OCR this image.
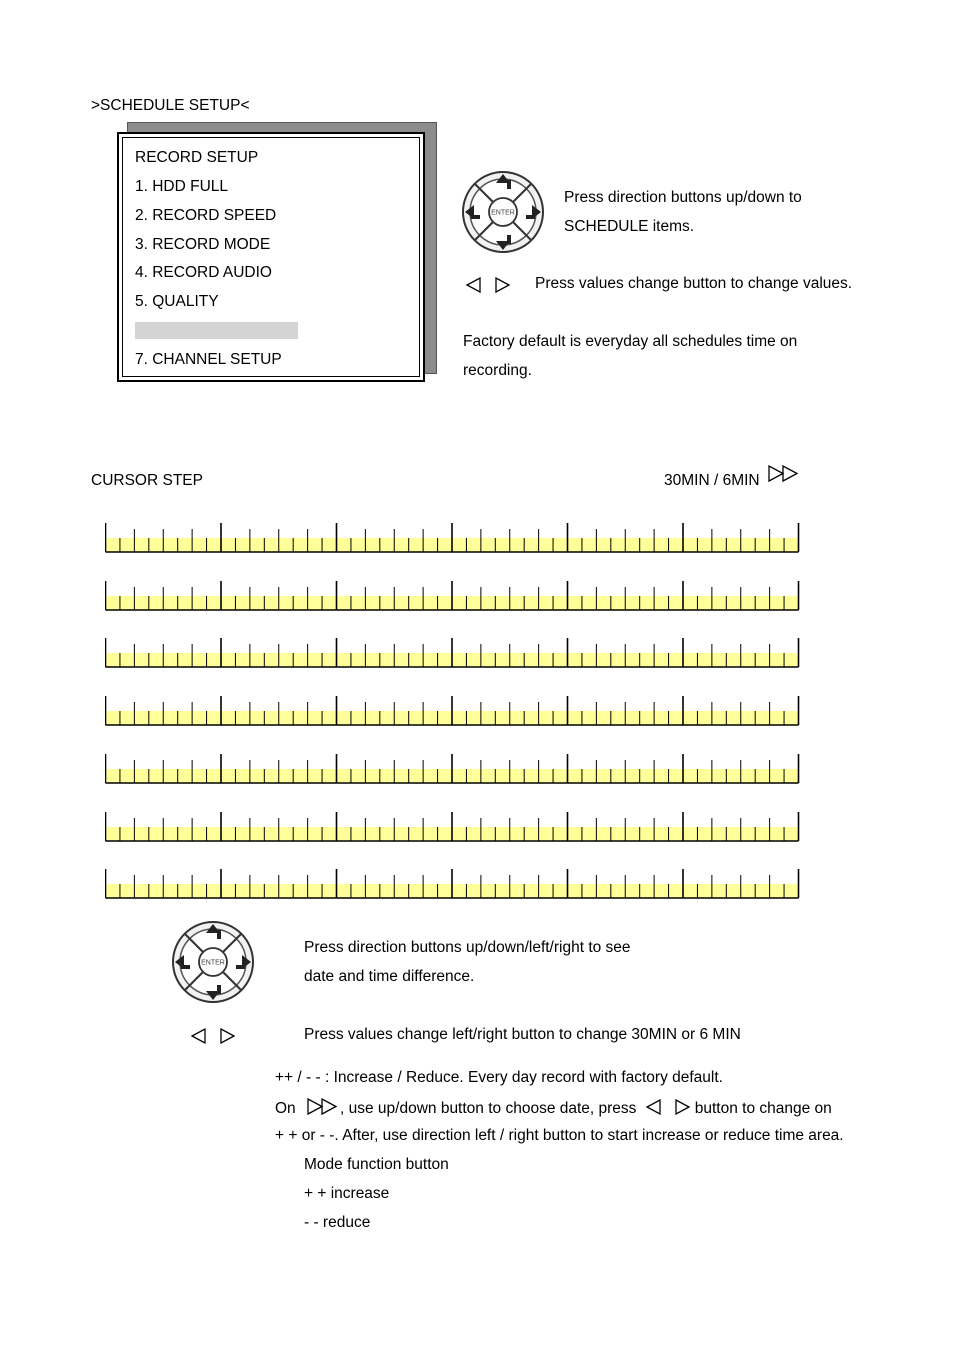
>SCHEDULE SETUP<
RECORD SETUP
1. HDD FULL
2. RECORD SPEED
3. RECORD MODE
4. RECORD AUDIO
5. QUALITY
7. CHANNEL SETUP
ENTER
Press direction buttons up/down to
SCHEDULE items.
Press values change button to change values.
Factory default is everyday all schedules time on
recording.
CURSOR STEP	30MIN / 6MIN
ENTER
Press direction buttons up/down/left/right to see
date and time difference.
Press values change left/right button to change 30MIN or 6 MIN
++ / - - : Increase / Reduce. Every day record with factory default.
On	, use up/down button to choose date, press	button to change on
+ + or - -. After, use direction left / right button to start increase or reduce time area.
Mode function button
+ + increase
- - reduce
